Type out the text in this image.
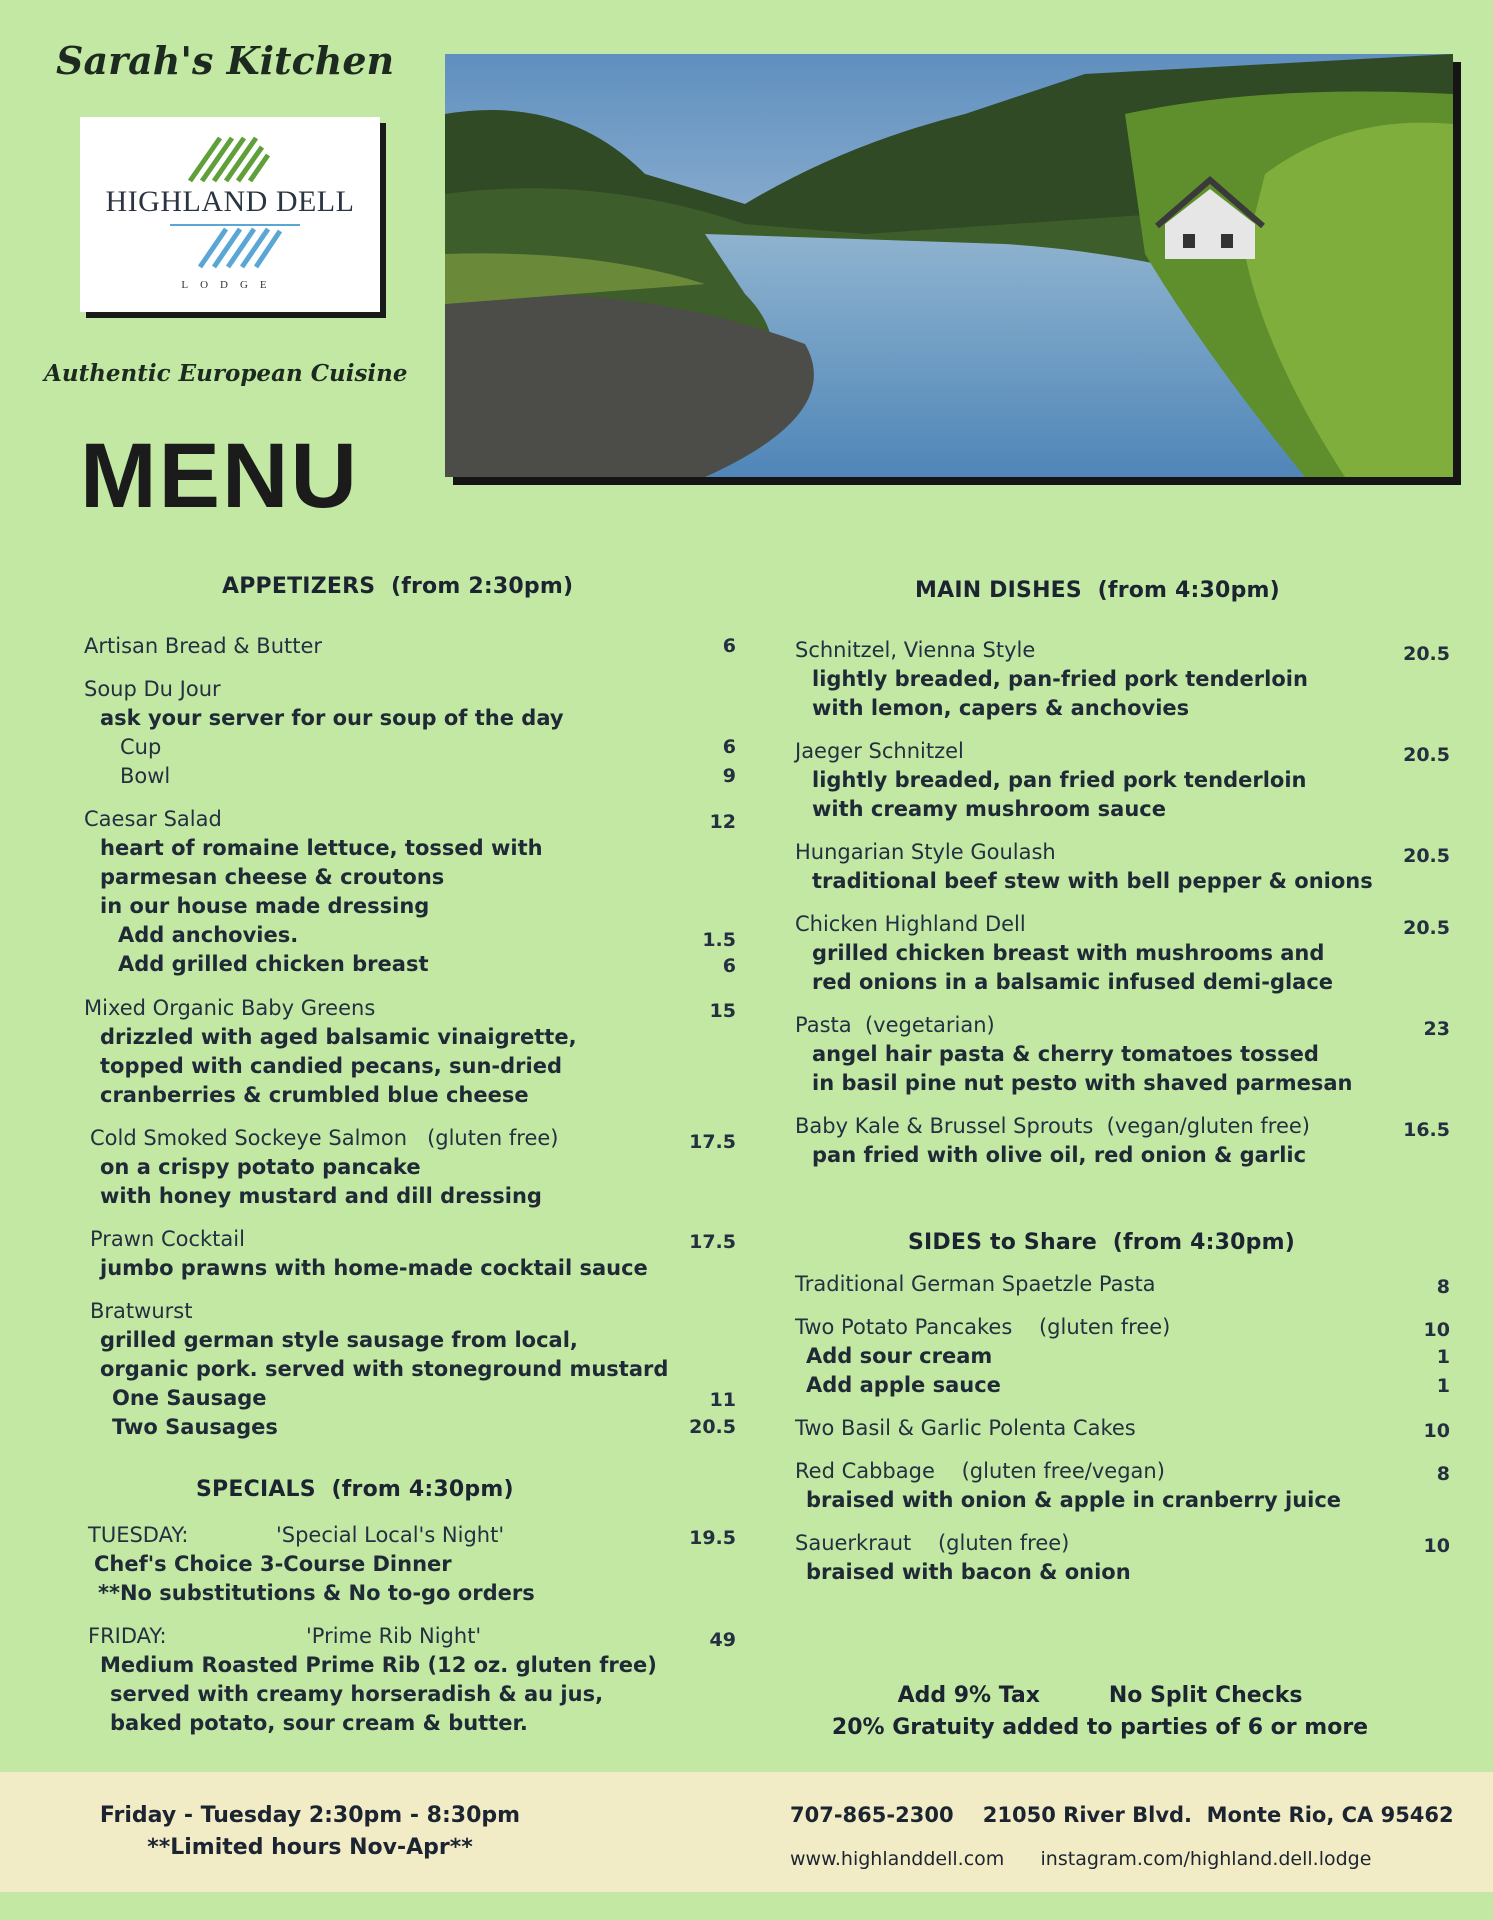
Sarah's Kitchen
HIGHLAND DELL
LODGE
Authentic European Cuisine
MENU
APPETIZERS  (from 2:30pm)
Artisan Bread & Butter	6
Soup Du Jour
ask your server for our soup of the day
Cup	6
Bowl	9
Caesar Salad	12
heart of romaine lettuce, tossed with
parmesan cheese & croutons
in our house made dressing
Add anchovies.	1.5
Add grilled chicken breast	6
Mixed Organic Baby Greens	15
drizzled with aged balsamic vinaigrette,
topped with candied pecans, sun-dried
cranberries & crumbled blue cheese
Cold Smoked Sockeye Salmon   (gluten free)	17.5
on a crispy potato pancake
with honey mustard and dill dressing
Prawn Cocktail	17.5
jumbo prawns with home-made cocktail sauce
Bratwurst
grilled german style sausage from local,
organic pork. served with stoneground mustard
One Sausage	11
Two Sausages	20.5
SPECIALS  (from 4:30pm)
TUESDAY:	'Special Local's Night'	19.5
Chef's Choice 3-Course Dinner
**No substitutions & No to-go orders
FRIDAY:	'Prime Rib Night'	49
Medium Roasted Prime Rib (12 oz. gluten free)
served with creamy horseradish & au jus,
baked potato, sour cream & butter.
MAIN DISHES  (from 4:30pm)
Schnitzel, Vienna Style	20.5
lightly breaded, pan-fried pork tenderloin
with lemon, capers & anchovies
Jaeger Schnitzel	20.5
lightly breaded, pan fried pork tenderloin
with creamy mushroom sauce
Hungarian Style Goulash	20.5
traditional beef stew with bell pepper & onions
Chicken Highland Dell	20.5
grilled chicken breast with mushrooms and
red onions in a balsamic infused demi-glace
Pasta  (vegetarian)	23
angel hair pasta & cherry tomatoes tossed
in basil pine nut pesto with shaved parmesan
Baby Kale & Brussel Sprouts  (vegan/gluten free)	16.5
pan fried with olive oil, red onion & garlic
SIDES to Share  (from 4:30pm)
Traditional German Spaetzle Pasta	8
Two Potato Pancakes    (gluten free)	10
Add sour cream	1
Add apple sauce	1
Two Basil & Garlic Polenta Cakes	10
Red Cabbage    (gluten free/vegan)	8
braised with onion & apple in cranberry juice
Sauerkraut    (gluten free)	10
braised with bacon & onion
Add 9% Tax         No Split Checks
20% Gratuity added to parties of 6 or more
Friday - Tuesday 2:30pm - 8:30pm
**Limited hours Nov-Apr**
707-865-2300    21050 River Blvd.  Monte Rio, CA 95462
www.highlanddell.com      instagram.com/highland.dell.lodge
